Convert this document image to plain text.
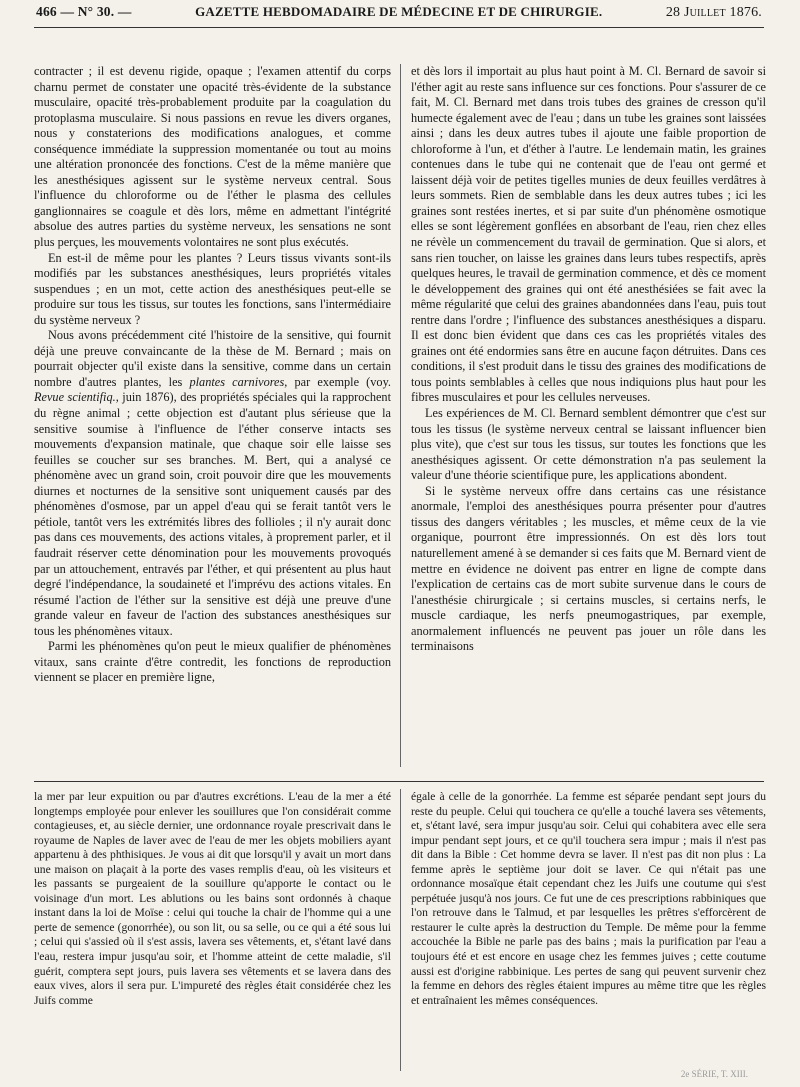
466 — N° 30. —	GAZETTE HEBDOMADAIRE DE MÉDECINE ET DE CHIRURGIE.	28 Juillet 1876.

contracter ; il est devenu rigide, opaque ; l'examen attentif du corps charnu permet de constater une opacité très-évidente de la substance musculaire, opacité très-probablement produite par la coagulation du protoplasma musculaire. Si nous passions en revue les divers organes, nous y constaterions des modifications analogues, et comme conséquence immédiate la suppression momentanée ou tout au moins une altération prononcée des fonctions. C'est de la même manière que les anesthésiques agissent sur le système nerveux central. Sous l'influence du chloroforme ou de l'éther le plasma des cellules ganglionnaires se coagule et dès lors, même en admettant l'intégrité absolue des autres parties du système nerveux, les sensations ne sont plus perçues, les mouvements volontaires ne sont plus exécutés.

En est-il de même pour les plantes ? Leurs tissus vivants sont-ils modifiés par les substances anesthésiques, leurs propriétés vitales suspendues ; en un mot, cette action des anesthésiques peut-elle se produire sur tous les tissus, sur toutes les fonctions, sans l'intermédiaire du système nerveux ?

Nous avons précédemment cité l'histoire de la sensitive, qui fournit déjà une preuve convaincante de la thèse de M. Bernard ; mais on pourrait objecter qu'il existe dans la sensitive, comme dans un certain nombre d'autres plantes, les plantes carnivores, par exemple (voy. Revue scientifiq., juin 1876), des propriétés spéciales qui la rapprochent du règne animal ; cette objection est d'autant plus sérieuse que la sensitive soumise à l'influence de l'éther conserve intacts ses mouvements d'expansion matinale, que chaque soir elle laisse ses feuilles se coucher sur ses branches. M. Bert, qui a analysé ce phénomène avec un grand soin, croit pouvoir dire que les mouvements diurnes et nocturnes de la sensitive sont uniquement causés par des phénomènes d'osmose, par un appel d'eau qui se ferait tantôt vers le pétiole, tantôt vers les extrémités libres des follioles ; il n'y aurait donc pas dans ces mouvements, des actions vitales, à proprement parler, et il faudrait réserver cette dénomination pour les mouvements provoqués par un attouchement, entravés par l'éther, et qui présentent au plus haut degré l'indépendance, la soudaineté et l'imprévu des actions vitales. En résumé l'action de l'éther sur la sensitive est déjà une preuve d'une grande valeur en faveur de l'action des substances anesthésiques sur tous les phénomènes vitaux.

Parmi les phénomènes qu'on peut le mieux qualifier de phénomènes vitaux, sans crainte d'être contredit, les fonctions de reproduction viennent se placer en première ligne,

et dès lors il importait au plus haut point à M. Cl. Bernard de savoir si l'éther agit au reste sans influence sur ces fonctions. Pour s'assurer de ce fait, M. Cl. Bernard met dans trois tubes des graines de cresson qu'il humecte également avec de l'eau ; dans un tube les graines sont laissées ainsi ; dans les deux autres tubes il ajoute une faible proportion de chloroforme à l'un, et d'éther à l'autre. Le lendemain matin, les graines contenues dans le tube qui ne contenait que de l'eau ont germé et laissent déjà voir de petites tigelles munies de deux feuilles verdâtres à leurs sommets. Rien de semblable dans les deux autres tubes ; ici les graines sont restées inertes, et si par suite d'un phénomène osmotique elles se sont légèrement gonflées en absorbant de l'eau, rien chez elles ne révèle un commencement du travail de germination. Que si alors, et sans rien toucher, on laisse les graines dans leurs tubes respectifs, après quelques heures, le travail de germination commence, et dès ce moment le développement des graines qui ont été anesthésiées se fait avec la même régularité que celui des graines abandonnées dans l'eau, puis tout rentre dans l'ordre ; l'influence des substances anesthésiques a disparu. Il est donc bien évident que dans ces cas les propriétés vitales des graines ont été endormies sans être en aucune façon détruites. Dans ces conditions, il s'est produit dans le tissu des graines des modifications de tous points semblables à celles que nous indiquions plus haut pour les fibres musculaires et pour les cellules nerveuses.

Les expériences de M. Cl. Bernard semblent démontrer que c'est sur tous les tissus (le système nerveux central se laissant influencer bien plus vite), que c'est sur tous les tissus, sur toutes les fonctions que les anesthésiques agissent. Or cette démonstration n'a pas seulement la valeur d'une théorie scientifique pure, les applications abondent.

Si le système nerveux offre dans certains cas une résistance anormale, l'emploi des anesthésiques pourra présenter pour d'autres tissus des dangers véritables ; les muscles, et même ceux de la vie organique, pourront être impressionnés. On est dès lors tout naturellement amené à se demander si ces faits que M. Bernard vient de mettre en évidence ne doivent pas entrer en ligne de compte dans l'explication de certains cas de mort subite survenue dans le cours de l'anesthésie chirurgicale ; si certains muscles, si certains nerfs, le muscle cardiaque, les nerfs pneumogastriques, par exemple, anormalement influencés ne peuvent pas jouer un rôle dans les terminaisons

la mer par leur expuition ou par d'autres excrétions. L'eau de la mer a été longtemps employée pour enlever les souillures que l'on considérait comme contagieuses, et, au siècle dernier, une ordonnance royale prescrivait dans le royaume de Naples de laver avec de l'eau de mer les objets mobiliers ayant appartenu à des phthisiques. Je vous ai dit que lorsqu'il y avait un mort dans une maison on plaçait à la porte des vases remplis d'eau, où les visiteurs et les passants se purgeaient de la souillure qu'apporte le contact ou le voisinage d'un mort. Les ablutions ou les bains sont ordonnés à chaque instant dans la loi de Moïse : celui qui touche la chair de l'homme qui a une perte de semence (gonorrhée), ou son lit, ou sa selle, ou ce qui a été sous lui ; celui qui s'assied où il s'est assis, lavera ses vêtements, et, s'étant lavé dans l'eau, restera impur jusqu'au soir, et l'homme atteint de cette maladie, s'il guérit, comptera sept jours, puis lavera ses vêtements et se lavera dans des eaux vives, alors il sera pur. L'impureté des règles était considérée chez les Juifs comme

égale à celle de la gonorrhée. La femme est séparée pendant sept jours du reste du peuple. Celui qui touchera ce qu'elle a touché lavera ses vêtements, et, s'étant lavé, sera impur jusqu'au soir. Celui qui cohabitera avec elle sera impur pendant sept jours, et ce qu'il touchera sera impur ; mais il n'est pas dit dans la Bible : Cet homme devra se laver. Il n'est pas dit non plus : La femme après le septième jour doit se laver. Ce qui n'était pas une ordonnance mosaïque était cependant chez les Juifs une coutume qui s'est perpétuée jusqu'à nos jours. Ce fut une de ces prescriptions rabbiniques que l'on retrouve dans le Talmud, et par lesquelles les prêtres s'efforcèrent de restaurer le culte après la destruction du Temple. De même pour la femme accouchée la Bible ne parle pas des bains ; mais la purification par l'eau a toujours été et est encore en usage chez les femmes juives ; cette coutume aussi est d'origine rabbinique. Les pertes de sang qui peuvent survenir chez la femme en dehors des règles étaient impures au même titre que les règles et entraînaient les mêmes conséquences.

2e SÉRIE, T. XIII.
